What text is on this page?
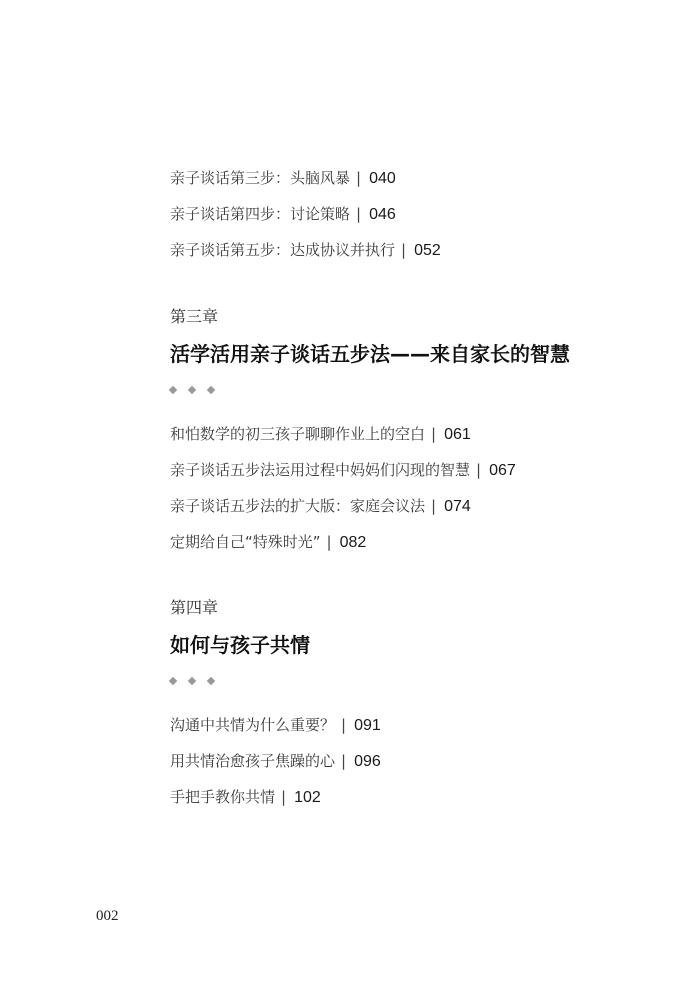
亲子谈话第三步：头脑风暴 | 040
亲子谈话第四步：讨论策略 | 046
亲子谈话第五步：达成协议并执行 | 052
第三章
活学活用亲子谈话五步法——来自家长的智慧
和怕数学的初三孩子聊聊作业上的空白 | 061
亲子谈话五步法运用过程中妈妈们闪现的智慧 | 067
亲子谈话五步法的扩大版：家庭会议法 | 074
定期给自己“特殊时光” | 082
第四章
如何与孩子共情
沟通中共情为什么重要？ | 091
用共情治愈孩子焦躁的心 | 096
手把手教你共情 | 102
002
